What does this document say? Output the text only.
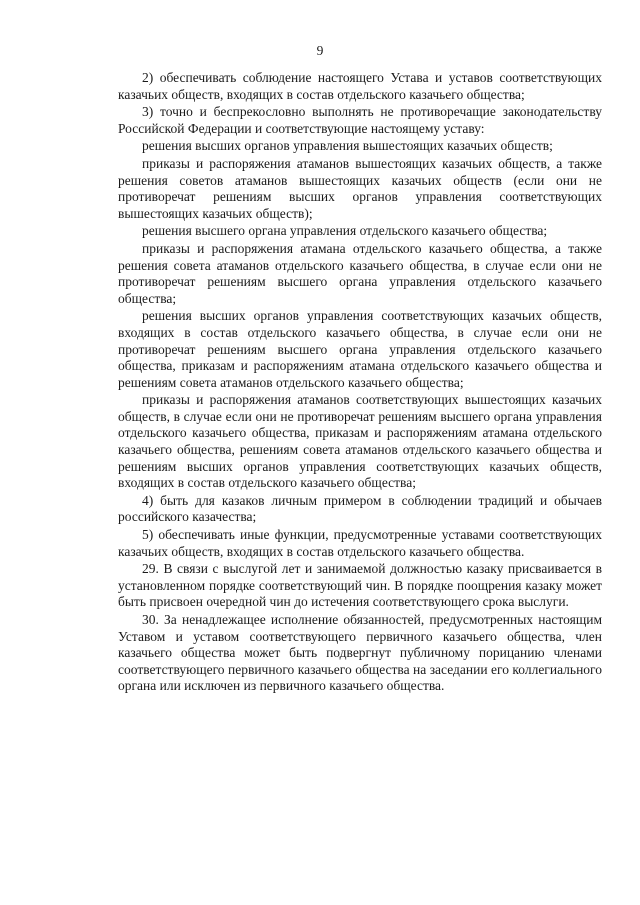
9

2) обеспечивать соблюдение настоящего Устава и уставов соответствующих казачьих обществ, входящих в состав отдельского казачьего общества;

3) точно и беспрекословно выполнять не противоречащие законодательству Российской Федерации и соответствующие настоящему уставу:

решения высших органов управления вышестоящих казачьих обществ;

приказы и распоряжения атаманов вышестоящих казачьих обществ, а также решения советов атаманов вышестоящих казачьих обществ (если они не противоречат решениям высших органов управления соответствующих вышестоящих казачьих обществ);

решения высшего органа управления отдельского казачьего общества;

приказы и распоряжения атамана отдельского казачьего общества, а также решения совета атаманов отдельского казачьего общества, в случае если они не противоречат решениям высшего органа управления отдельского казачьего общества;

решения высших органов управления соответствующих казачьих обществ, входящих в состав отдельского казачьего общества, в случае если они не противоречат решениям высшего органа управления отдельского казачьего общества, приказам и распоряжениям атамана отдельского казачьего общества и решениям совета атаманов отдельского казачьего общества;

приказы и распоряжения атаманов соответствующих вышестоящих казачьих обществ, в случае если они не противоречат решениям высшего органа управления отдельского казачьего общества, приказам и распоряжениям атамана отдельского казачьего общества, решениям совета атаманов отдельского казачьего общества и решениям высших органов управления соответствующих казачьих обществ, входящих в состав отдельского казачьего общества;

4) быть для казаков личным примером в соблюдении традиций и обычаев российского казачества;

5) обеспечивать иные функции, предусмотренные уставами соответствующих казачьих обществ, входящих в состав отдельского казачьего общества.

29. В связи с выслугой лет и занимаемой должностью казаку присваивается в установленном порядке соответствующий чин. В порядке поощрения казаку может быть присвоен очередной чин до истечения соответствующего срока выслуги.

30. За ненадлежащее исполнение обязанностей, предусмотренных настоящим Уставом и уставом соответствующего первичного казачьего общества, член казачьего общества может быть подвергнут публичному порицанию членами соответствующего первичного казачьего общества на заседании его коллегиального органа или исключен из первичного казачьего общества.
